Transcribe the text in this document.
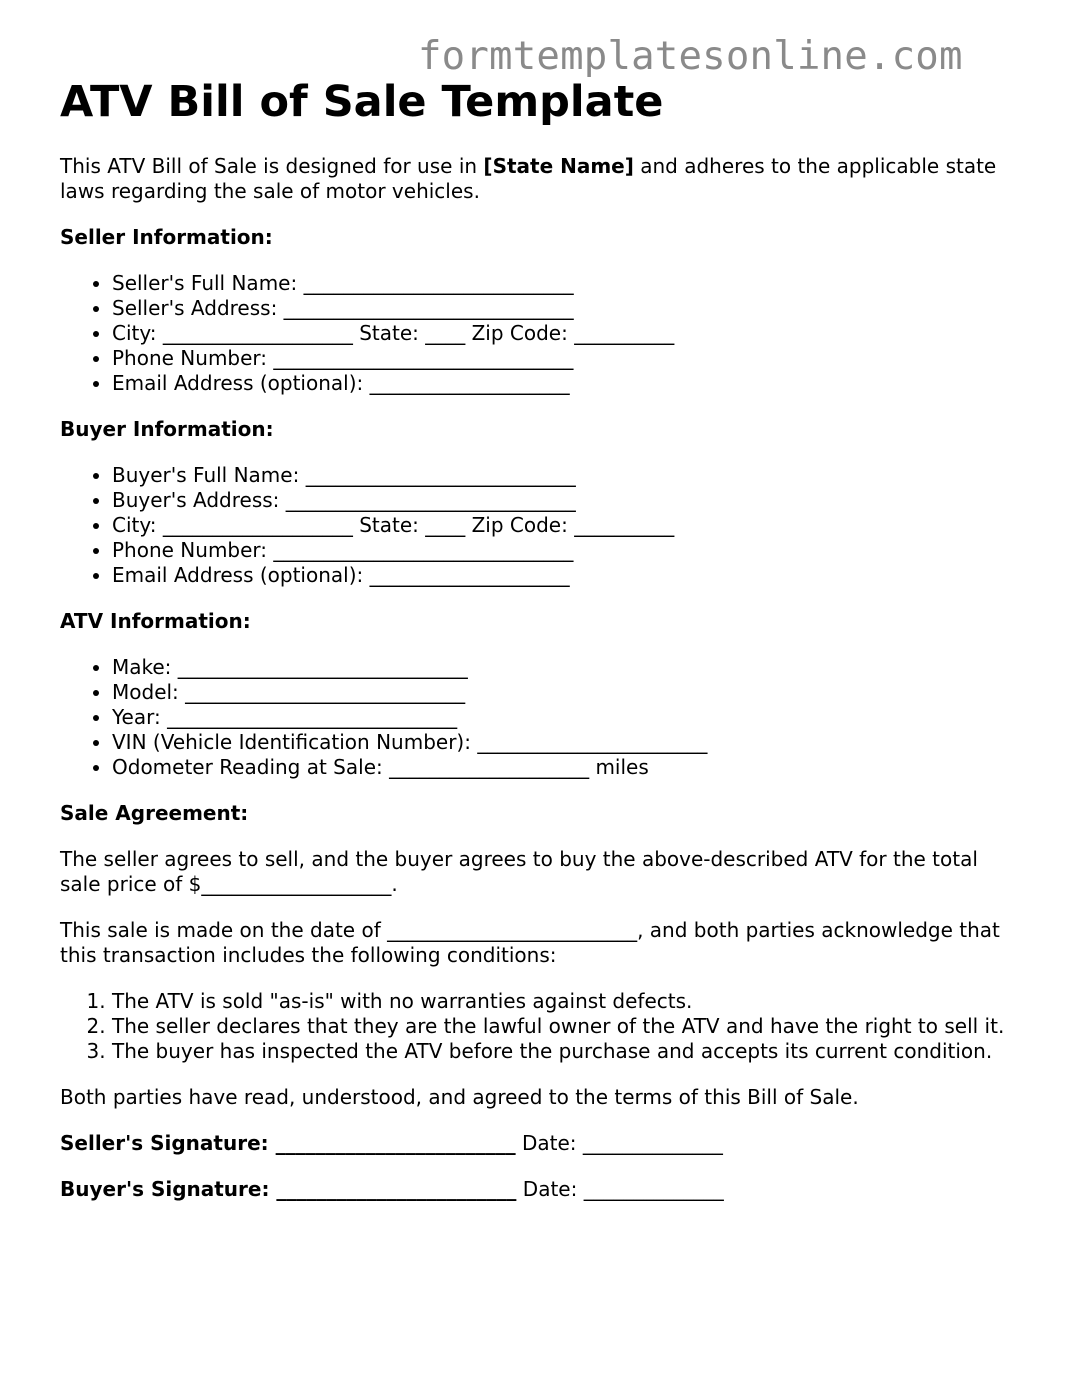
formtemplatesonline.com
ATV Bill of Sale Template

This ATV Bill of Sale is designed for use in [State Name] and adheres to the applicable state laws regarding the sale of motor vehicles.

Seller Information:
• Seller's Full Name: ___________________________
• Seller's Address: _____________________________
• City: ___________________ State: ____ Zip Code: __________
• Phone Number: ______________________________
• Email Address (optional): ____________________
Buyer Information:
• Buyer's Full Name: ___________________________
• Buyer's Address: _____________________________
• City: ___________________ State: ____ Zip Code: __________
• Phone Number: ______________________________
• Email Address (optional): ____________________
ATV Information:
• Make: _____________________________
• Model: ____________________________
• Year: _____________________________
• VIN (Vehicle Identification Number): _______________________
• Odometer Reading at Sale: ____________________ miles
Sale Agreement:

The seller agrees to sell, and the buyer agrees to buy the above-described ATV for the total sale price of $___________________.

This sale is made on the date of _________________________, and both parties acknowledge that this transaction includes the following conditions:

1. The ATV is sold "as-is" with no warranties against defects.
2. The seller declares that they are the lawful owner of the ATV and have the right to sell it.
3. The buyer has inspected the ATV before the purchase and accepts its current condition.

Both parties have read, understood, and agreed to the terms of this Bill of Sale.

Seller's Signature: ________________________ Date: ______________
Buyer's Signature: ________________________ Date: ______________
